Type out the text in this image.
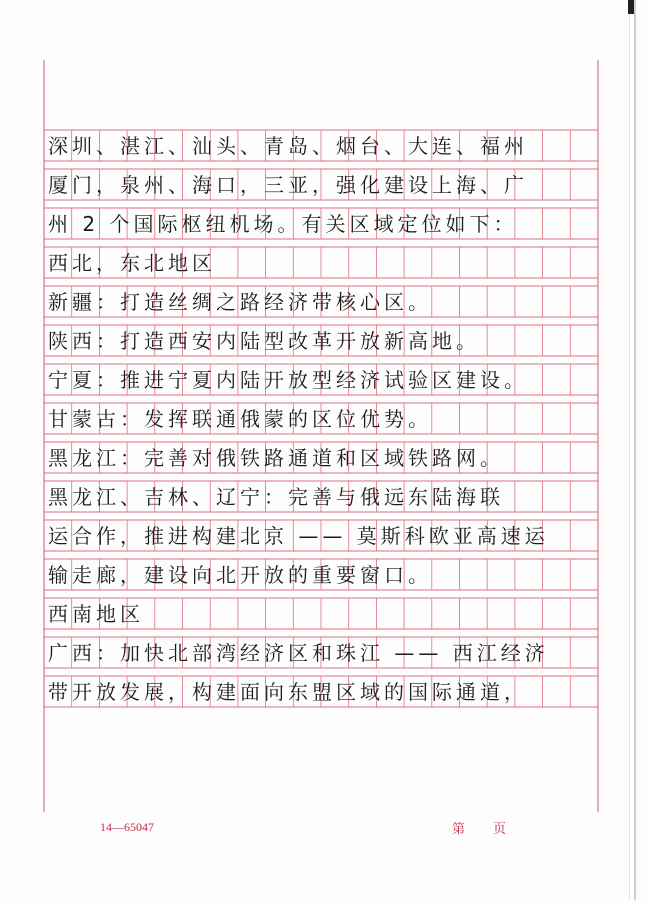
深圳、湛江、汕头、青岛、烟台、大连、福州
厦门，泉州、海口，三亚，强化建设上海、广
州 2 个国际枢纽机场。有关区域定位如下：
西北，东北地区
新疆：打造丝绸之路经济带核心区。
陕西：打造西安内陆型改革开放新高地。
宁夏：推进宁夏内陆开放型经济试验区建设。
甘蒙古：发挥联通俄蒙的区位优势。
黑龙江：完善对俄铁路通道和区域铁路网。
黑龙江、吉林、辽宁：完善与俄远东陆海联
运合作，推进构建北京 —— 莫斯科欧亚高速运
输走廊，建设向北开放的重要窗口。
西南地区
广西：加快北部湾经济区和珠江 —— 西江经济
带开放发展，构建面向东盟区域的国际通道，
14—65047	第 页
